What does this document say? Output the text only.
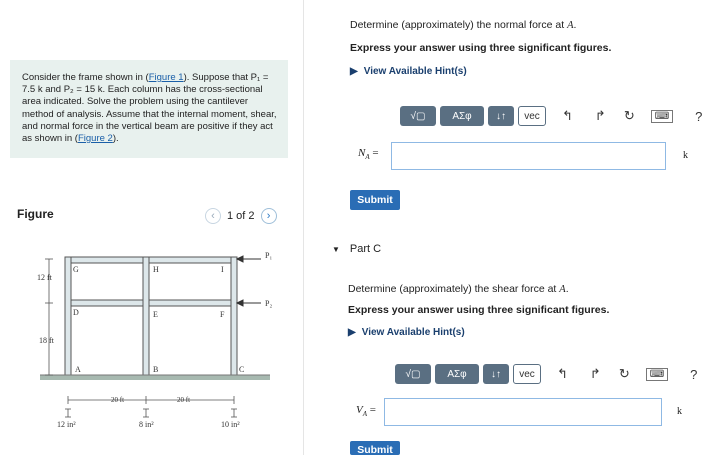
Consider the frame shown in (Figure 1). Suppose that P₁ = 7.5 k and P₂ = 15 k. Each column has the cross-sectional area indicated. Solve the problem using the cantilever method of analysis. Assume that the internal moment, shear, and normal force in the vertical beam are positive if they act as shown in (Figure 2).
Figure	‹	1 of 2	›
P₁
P₂
G	H	I
D	E	F
A	B	C
12 ft
18 ft
20 ft	20 ft
12 in²	8 in²	10 in²
Determine (approximately) the normal force at A.
Express your answer using three significant figures.
▶ View Available Hint(s)
√▢	ΑΣφ	↓↑	vec	↰ ↱ ↻	⌨	?
$N_A$ =	k
Submit
▼ Part C
Determine (approximately) the shear force at A.
Express your answer using three significant figures.
▶ View Available Hint(s)
√▢	ΑΣφ	↓↑	vec	↰ ↱ ↻	⌨	?
$V_A$ =	k
Submit
